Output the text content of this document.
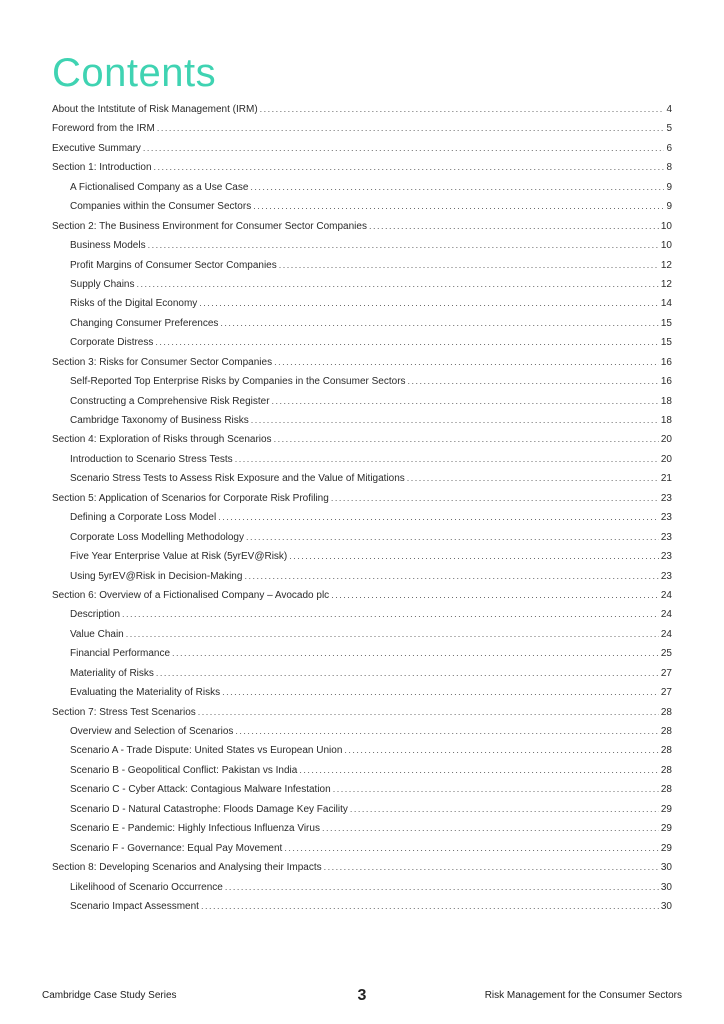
Contents
About the Intstitute of Risk Management (IRM) .....	4
Foreword from the IRM .....	5
Executive Summary .....	6
Section 1: Introduction .....	8
A Fictionalised Company as a Use Case .....	9
Companies within the Consumer Sectors .....	9
Section 2: The Business Environment for Consumer Sector Companies .....	10
Business Models .....	10
Profit Margins of Consumer Sector Companies .....	12
Supply Chains .....	12
Risks of the Digital Economy .....	14
Changing Consumer Preferences .....	15
Corporate Distress .....	15
Section 3: Risks for Consumer Sector Companies .....	16
Self-Reported Top Enterprise Risks by Companies in the Consumer Sectors .....	16
Constructing a Comprehensive Risk Register .....	18
Cambridge Taxonomy of Business Risks .....	18
Section 4: Exploration of Risks through Scenarios .....	20
Introduction to Scenario Stress Tests .....	20
Scenario Stress Tests to Assess Risk Exposure and the Value of Mitigations .....	21
Section 5: Application of Scenarios for Corporate Risk Profiling .....	23
Defining a Corporate Loss Model .....	23
Corporate Loss Modelling Methodology .....	23
Five Year Enterprise Value at Risk (5yrEV@Risk) .....	23
Using 5yrEV@Risk in Decision-Making .....	23
Section 6: Overview of a Fictionalised Company – Avocado plc .....	24
Description .....	24
Value Chain .....	24
Financial Performance .....	25
Materiality of Risks .....	27
Evaluating the Materiality of Risks .....	27
Section 7: Stress Test Scenarios .....	28
Overview and Selection of Scenarios .....	28
Scenario A - Trade Dispute: United States vs European Union .....	28
Scenario B - Geopolitical Conflict: Pakistan vs India .....	28
Scenario C - Cyber Attack: Contagious Malware Infestation .....	28
Scenario D - Natural Catastrophe: Floods Damage Key Facility .....	29
Scenario E - Pandemic: Highly Infectious Influenza Virus .....	29
Scenario F - Governance: Equal Pay Movement .....	29
Section 8: Developing Scenarios and Analysing their Impacts .....	30
Likelihood of Scenario Occurrence .....	30
Scenario Impact Assessment .....	30
Cambridge Case Study Series	3	Risk Management for the Consumer Sectors
